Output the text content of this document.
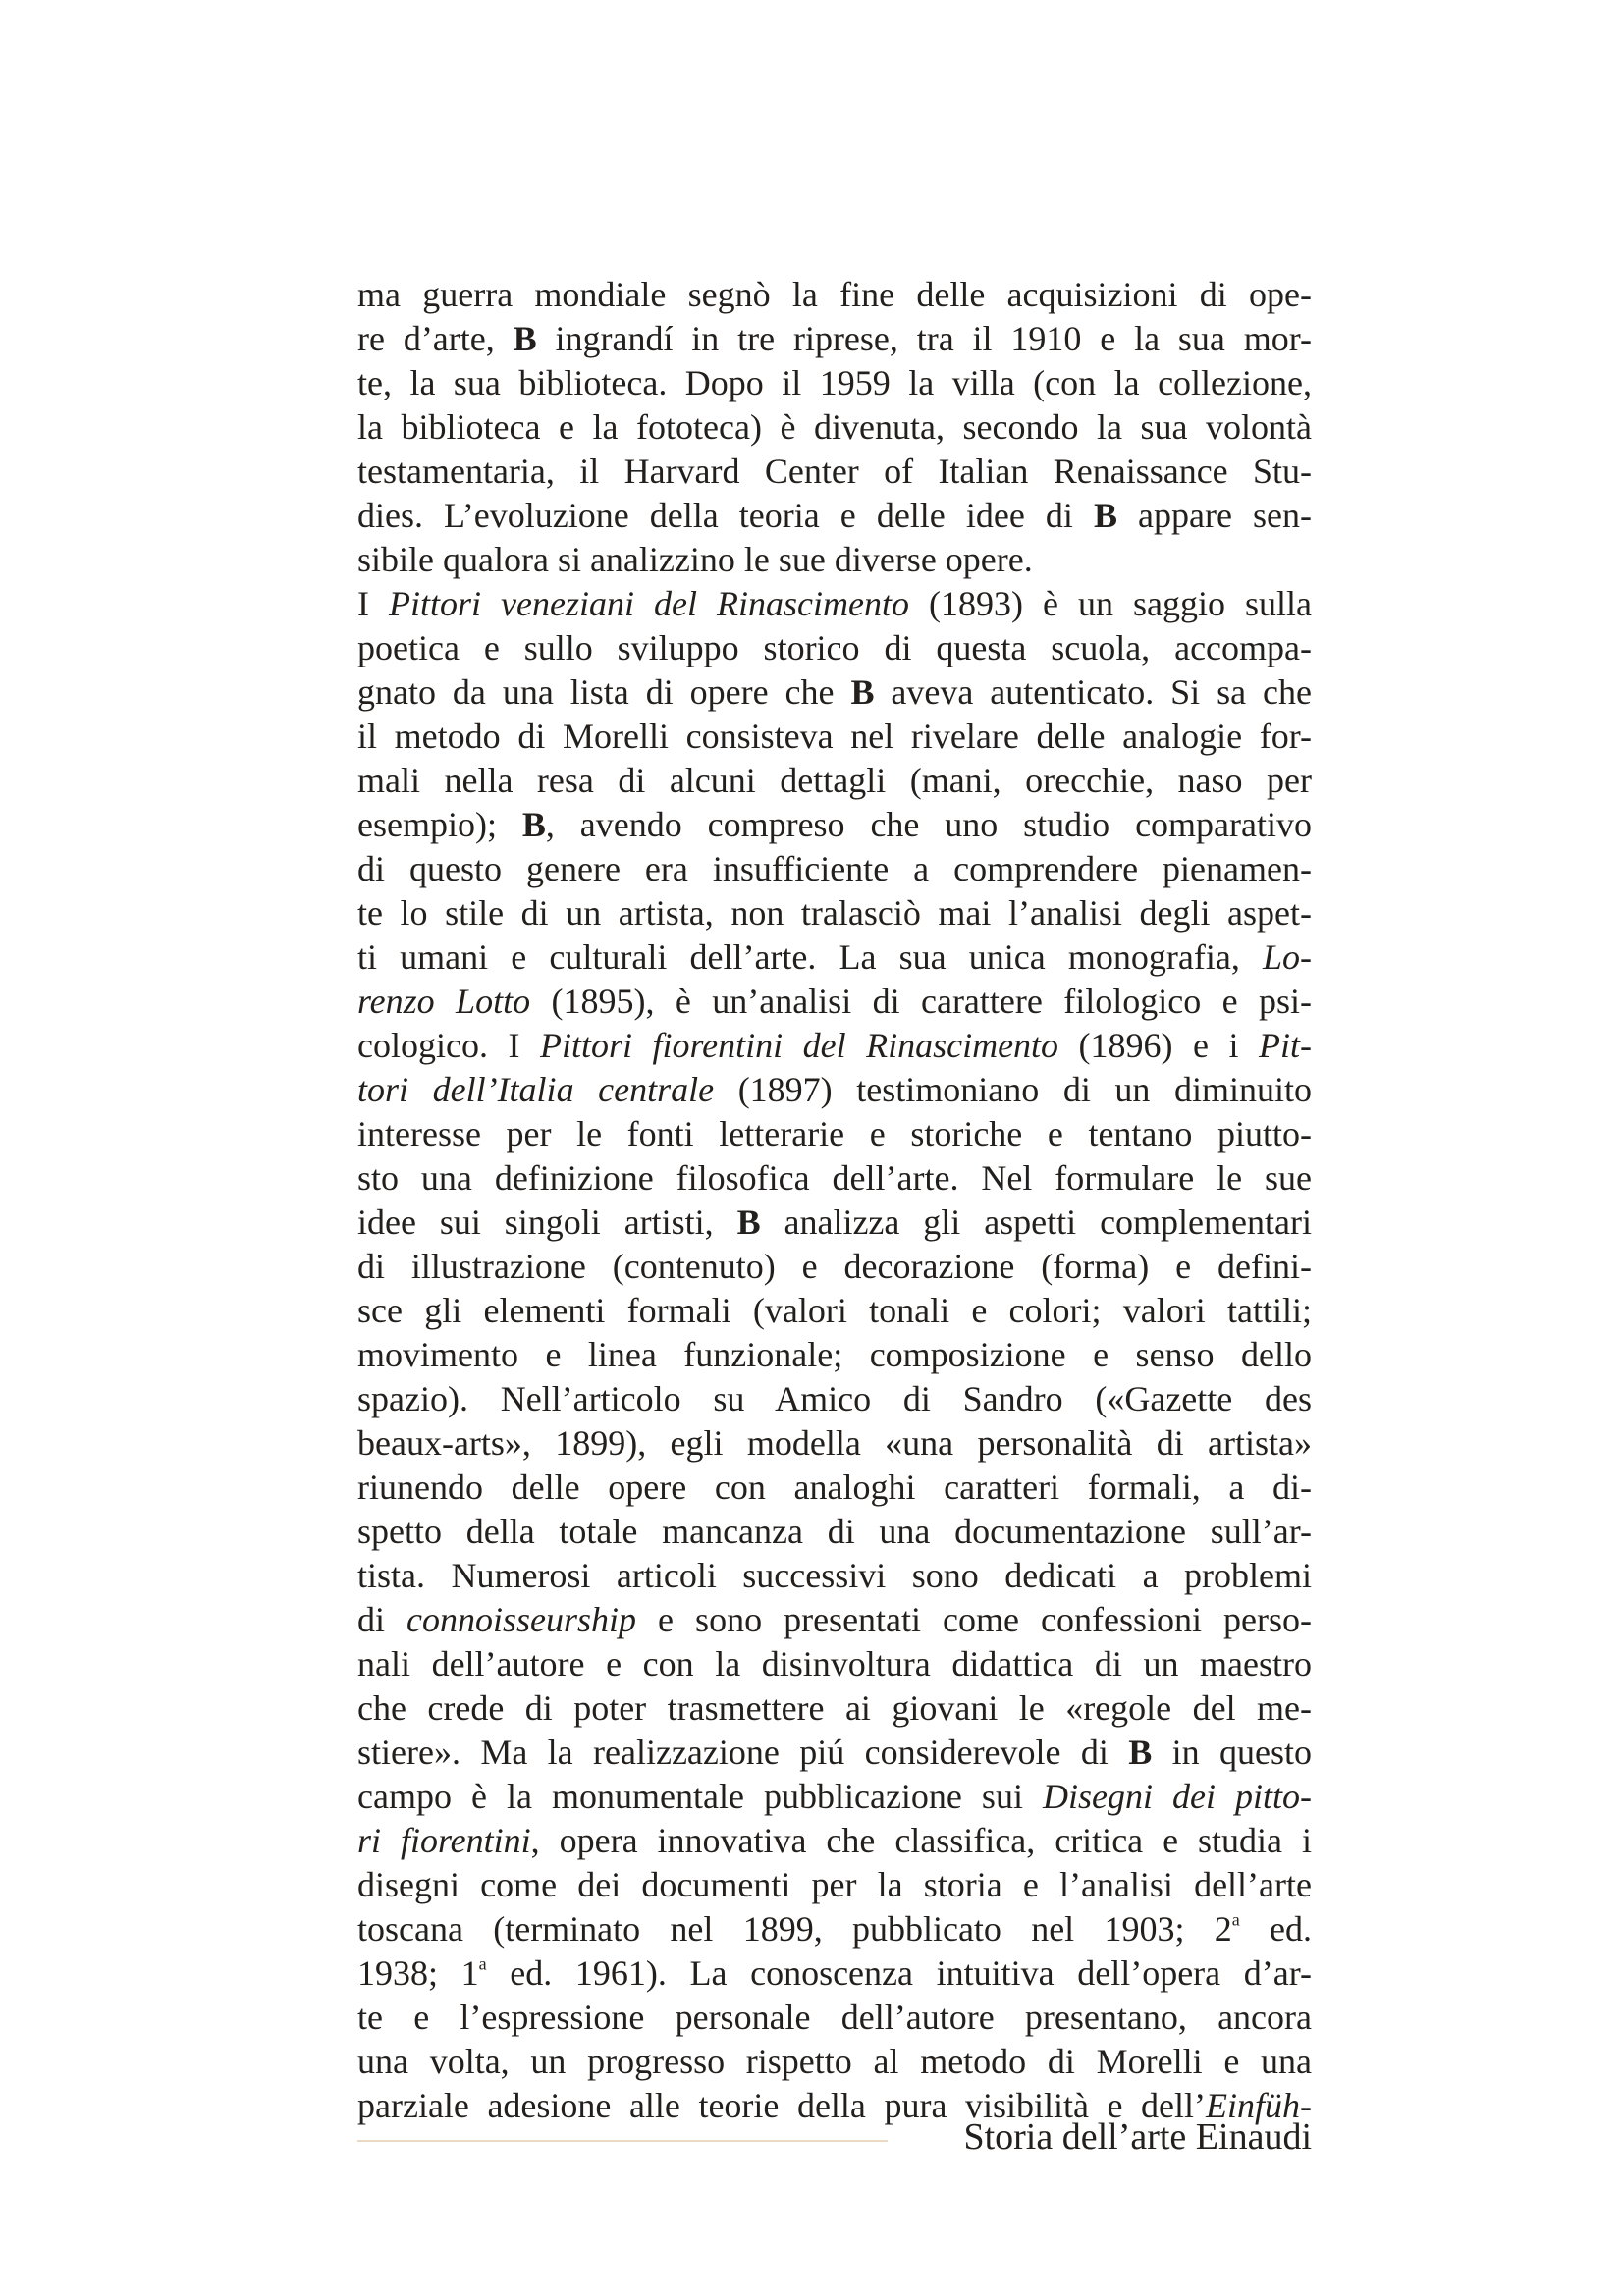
ma guerra mondiale segnò la fine delle acquisizioni di ope-
re d’arte, B ingrandí in tre riprese, tra il 1910 e la sua mor-
te, la sua biblioteca. Dopo il 1959 la villa (con la collezione,
la biblioteca e la fototeca) è divenuta, secondo la sua volontà
testamentaria, il Harvard Center of Italian Renaissance Stu-
dies. L’evoluzione della teoria e delle idee di B appare sen-
sibile qualora si analizzino le sue diverse opere.
I Pittori veneziani del Rinascimento (1893) è un saggio sulla
poetica e sullo sviluppo storico di questa scuola, accompa-
gnato da una lista di opere che B aveva autenticato. Si sa che
il metodo di Morelli consisteva nel rivelare delle analogie for-
mali nella resa di alcuni dettagli (mani, orecchie, naso per
esempio); B, avendo compreso che uno studio comparativo
di questo genere era insufficiente a comprendere pienamen-
te lo stile di un artista, non tralasciò mai l’analisi degli aspet-
ti umani e culturali dell’arte. La sua unica monografia, Lo-
renzo Lotto (1895), è un’analisi di carattere filologico e psi-
cologico. I Pittori fiorentini del Rinascimento (1896) e i Pit-
tori dell’Italia centrale (1897) testimoniano di un diminuito
interesse per le fonti letterarie e storiche e tentano piutto-
sto una definizione filosofica dell’arte. Nel formulare le sue
idee sui singoli artisti, B analizza gli aspetti complementari
di illustrazione (contenuto) e decorazione (forma) e defini-
sce gli elementi formali (valori tonali e colori; valori tattili;
movimento e linea funzionale; composizione e senso dello
spazio). Nell’articolo su Amico di Sandro («Gazette des
beaux-arts», 1899), egli modella «una personalità di artista»
riunendo delle opere con analoghi caratteri formali, a di-
spetto della totale mancanza di una documentazione sull’ar-
tista. Numerosi articoli successivi sono dedicati a problemi
di connoisseurship e sono presentati come confessioni perso-
nali dell’autore e con la disinvoltura didattica di un maestro
che crede di poter trasmettere ai giovani le «regole del me-
stiere». Ma la realizzazione piú considerevole di B in questo
campo è la monumentale pubblicazione sui Disegni dei pitto-
ri fiorentini, opera innovativa che classifica, critica e studia i
disegni come dei documenti per la storia e l’analisi dell’arte
toscana (terminato nel 1899, pubblicato nel 1903; 2$^a$ ed.
1938; 1$^a$ ed. 1961). La conoscenza intuitiva dell’opera d’ar-
te e l’espressione personale dell’autore presentano, ancora
una volta, un progresso rispetto al metodo di Morelli e una
parziale adesione alle teorie della pura visibilità e dell’Einfüh-
Storia dell’arte Einaudi
